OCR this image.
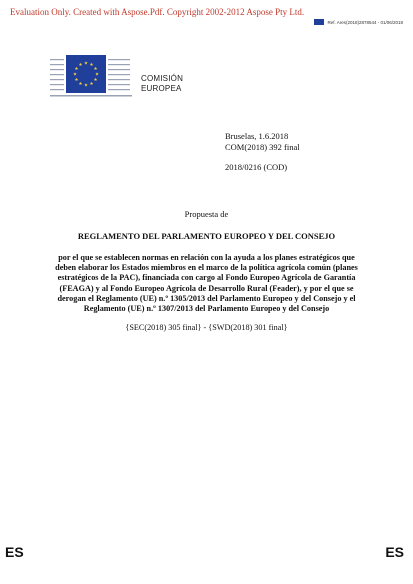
Evaluation Only. Created with Aspose.Pdf. Copyright 2002-2012 Aspose Pty Ltd.
Ref. Ares(2018)2878544 - 01/06/2018
COMISIÓN
EUROPEA
Bruselas, 1.6.2018
COM(2018) 392 final
2018/0216 (COD)
Propuesta de
REGLAMENTO DEL PARLAMENTO EUROPEO Y DEL CONSEJO
por el que se establecen normas en relación con la ayuda a los planes estratégicos que
deben elaborar los Estados miembros en el marco de la política agrícola común (planes
estratégicos de la PAC), financiada con cargo al Fondo Europeo Agrícola de Garantía
(FEAGA) y al Fondo Europeo Agrícola de Desarrollo Rural (Feader), y por el que se
derogan el Reglamento (UE) n.º 1305/2013 del Parlamento Europeo y del Consejo y el
Reglamento (UE) n.º 1307/2013 del Parlamento Europeo y del Consejo
{SEC(2018) 305 final} - {SWD(2018) 301 final}
ES	ES
